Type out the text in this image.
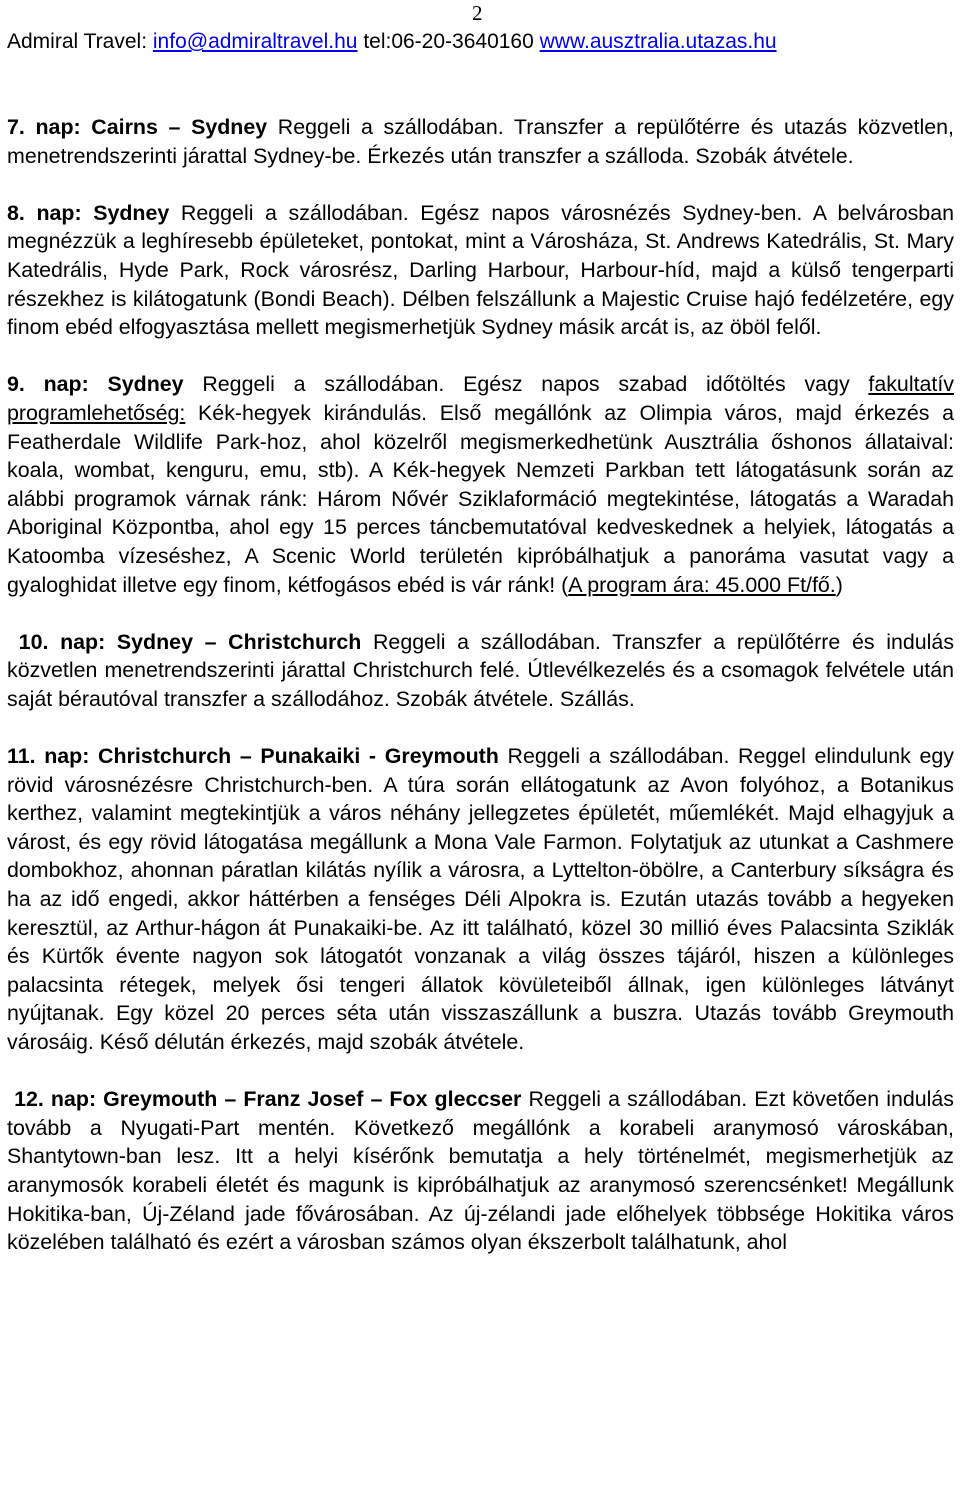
2
Admiral Travel: info@admiraltravel.hu tel:06-20-3640160 www.ausztralia.utazas.hu

7. nap: Cairns – Sydney Reggeli a szállodában. Transzfer a repülőtérre és utazás közvetlen, menetrendszerinti járattal Sydney-be. Érkezés után transzfer a szálloda. Szobák átvétele.

8. nap: Sydney Reggeli a szállodában. Egész napos városnézés Sydney-ben. A belvárosban megnézzük a leghíresebb épületeket, pontokat, mint a Városháza, St. Andrews Katedrális, St. Mary Katedrális, Hyde Park, Rock városrész, Darling Harbour, Harbour-híd, majd a külső tengerparti részekhez is kilátogatunk (Bondi Beach). Délben felszállunk a Majestic Cruise hajó fedélzetére, egy finom ebéd elfogyasztása mellett megismerhetjük Sydney másik arcát is, az öböl felől.

9. nap: Sydney Reggeli a szállodában. Egész napos szabad időtöltés vagy fakultatív programlehetőség: Kék-hegyek kirándulás. Első megállónk az Olimpia város, majd érkezés a Featherdale Wildlife Park-hoz, ahol közelről megismerkedhetünk Ausztrália őshonos állataival: koala, wombat, kenguru, emu, stb). A Kék-hegyek Nemzeti Parkban tett látogatásunk során az alábbi programok várnak ránk: Három Nővér Sziklaformáció megtekintése, látogatás a Waradah Aboriginal Központba, ahol egy 15 perces táncbemutatóval kedveskednek a helyiek, látogatás a Katoomba vízeséshez, A Scenic World területén kipróbálhatjuk a panoráma vasutat vagy a gyaloghidat illetve egy finom, kétfogásos ebéd is vár ránk! (A program ára: 45.000 Ft/fő.)

10. nap: Sydney – Christchurch Reggeli a szállodában. Transzfer a repülőtérre és indulás közvetlen menetrendszerinti járattal Christchurch felé. Útlevélkezelés és a csomagok felvétele után saját bérautóval transzfer a szállodához. Szobák átvétele. Szállás.

11. nap: Christchurch – Punakaiki - Greymouth Reggeli a szállodában. Reggel elindulunk egy rövid városnézésre Christchurch-ben. A túra során ellátogatunk az Avon folyóhoz, a Botanikus kerthez, valamint megtekintjük a város néhány jellegzetes épületét, műemlékét. Majd elhagyjuk a várost, és egy rövid látogatása megállunk a Mona Vale Farmon. Folytatjuk az utunkat a Cashmere dombokhoz, ahonnan páratlan kilátás nyílik a városra, a Lyttelton-öbölre, a Canterbury síkságra és ha az idő engedi, akkor háttérben a fenséges Déli Alpokra is. Ezután utazás tovább a hegyeken keresztül, az Arthur-hágon át Punakaiki-be. Az itt található, közel 30 millió éves Palacsinta Sziklák és Kürtők évente nagyon sok látogatót vonzanak a világ összes tájáról, hiszen a különleges palacsinta rétegek, melyek ősi tengeri állatok kövületeiből állnak, igen különleges látványt nyújtanak. Egy közel 20 perces séta után visszaszállunk a buszra. Utazás tovább Greymouth városáig. Késő délután érkezés, majd szobák átvétele.

12. nap: Greymouth – Franz Josef – Fox gleccser Reggeli a szállodában. Ezt követően indulás tovább a Nyugati-Part mentén. Következő megállónk a korabeli aranymosó városkában, Shantytown-ban lesz. Itt a helyi kísérőnk bemutatja a hely történelmét, megismerhetjük az aranymosók korabeli életét és magunk is kipróbálhatjuk az aranymosó szerencsénket! Megállunk Hokitika-ban, Új-Zéland jade fővárosában. Az új-zélandi jade előhelyek többsége Hokitika város közelében található és ezért a városban számos olyan ékszerbolt találhatunk, ahol
